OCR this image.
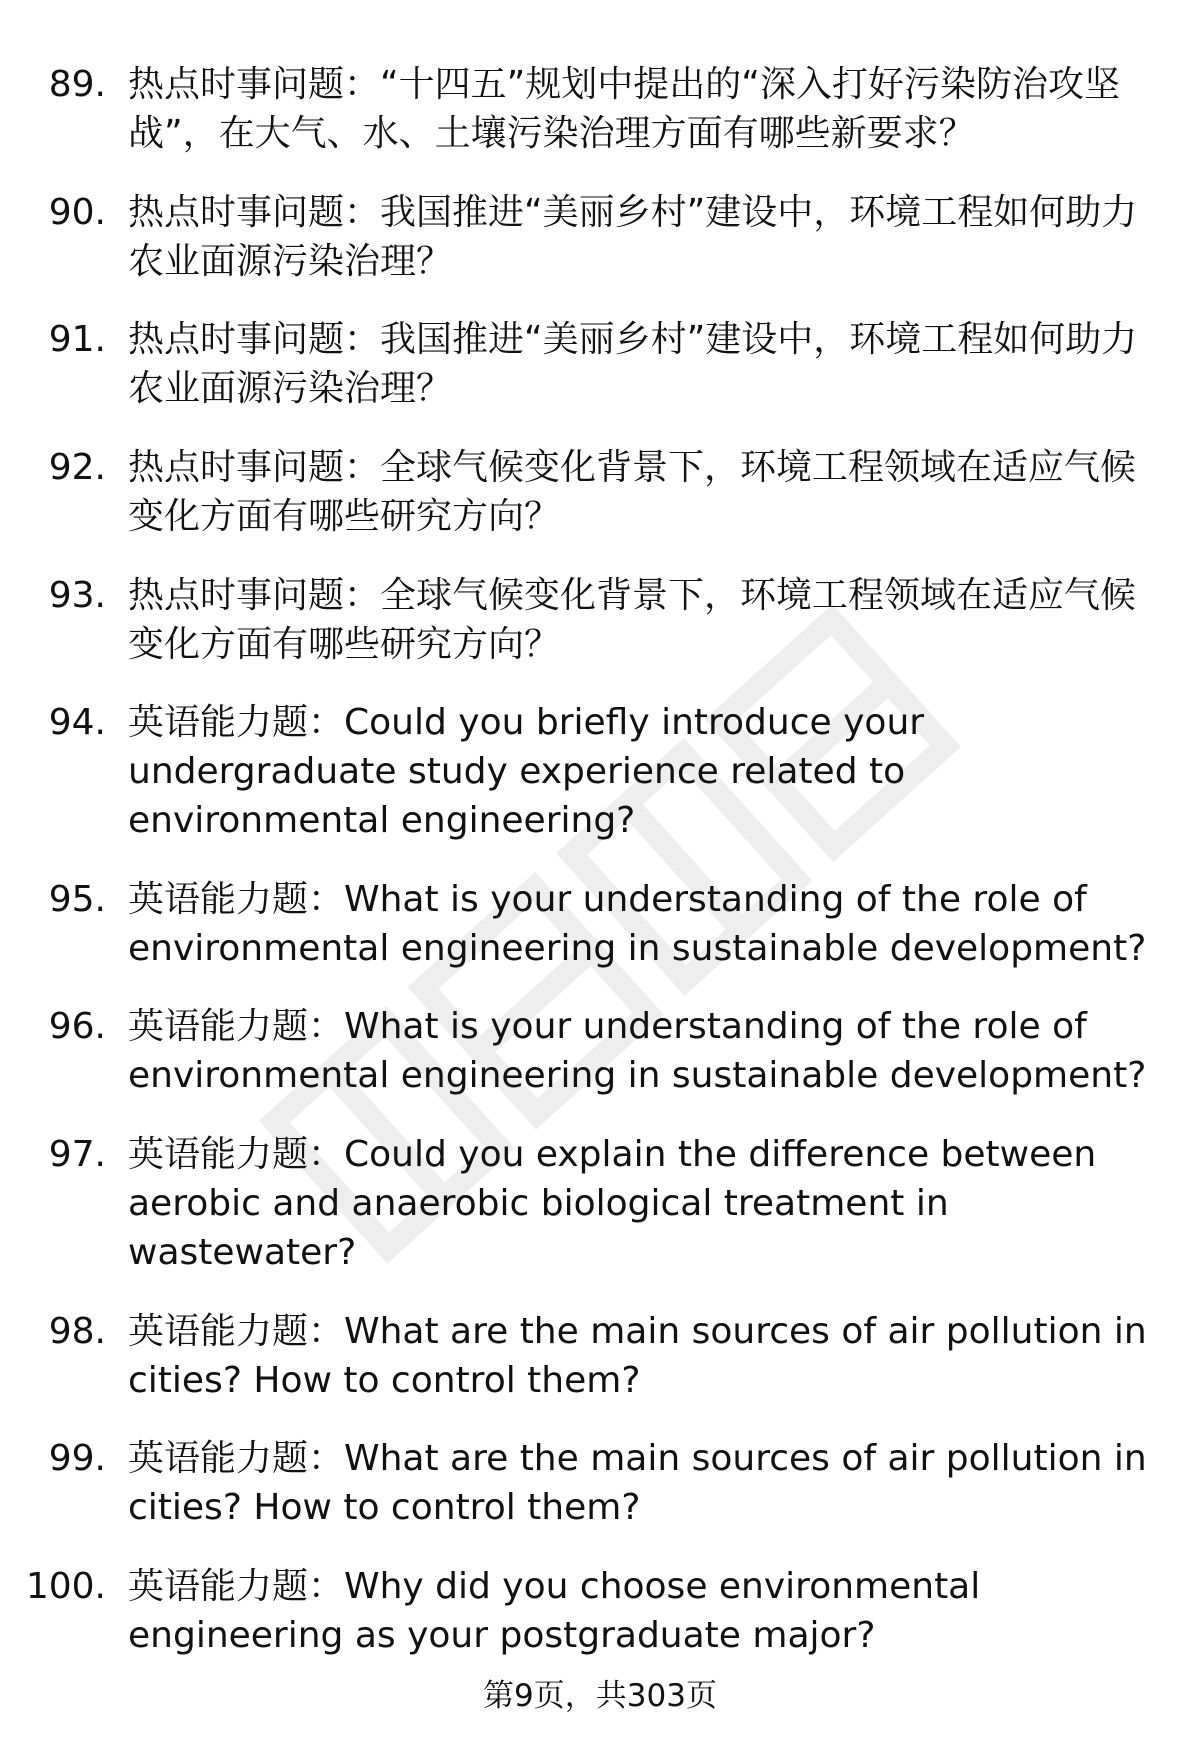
89. 热点时事问题：“十四五”规划中提出的“深入打好污染防治攻坚战”，在大气、水、土壤污染治理方面有哪些新要求？
90. 热点时事问题：我国推进“美丽乡村”建设中，环境工程如何助力农业面源污染治理？
91. 热点时事问题：我国推进“美丽乡村”建设中，环境工程如何助力农业面源污染治理？
92. 热点时事问题：全球气候变化背景下，环境工程领域在适应气候变化方面有哪些研究方向？
93. 热点时事问题：全球气候变化背景下，环境工程领域在适应气候变化方面有哪些研究方向？
94. 英语能力题：Could you briefly introduce your undergraduate study experience related to environmental engineering?
95. 英语能力题：What is your understanding of the role of environmental engineering in sustainable development?
96. 英语能力题：What is your understanding of the role of environmental engineering in sustainable development?
97. 英语能力题：Could you explain the difference between aerobic and anaerobic biological treatment in wastewater?
98. 英语能力题：What are the main sources of air pollution in cities? How to control them?
99. 英语能力题：What are the main sources of air pollution in cities? How to control them?
100. 英语能力题：Why did you choose environmental engineering as your postgraduate major?
第9页，共303页
